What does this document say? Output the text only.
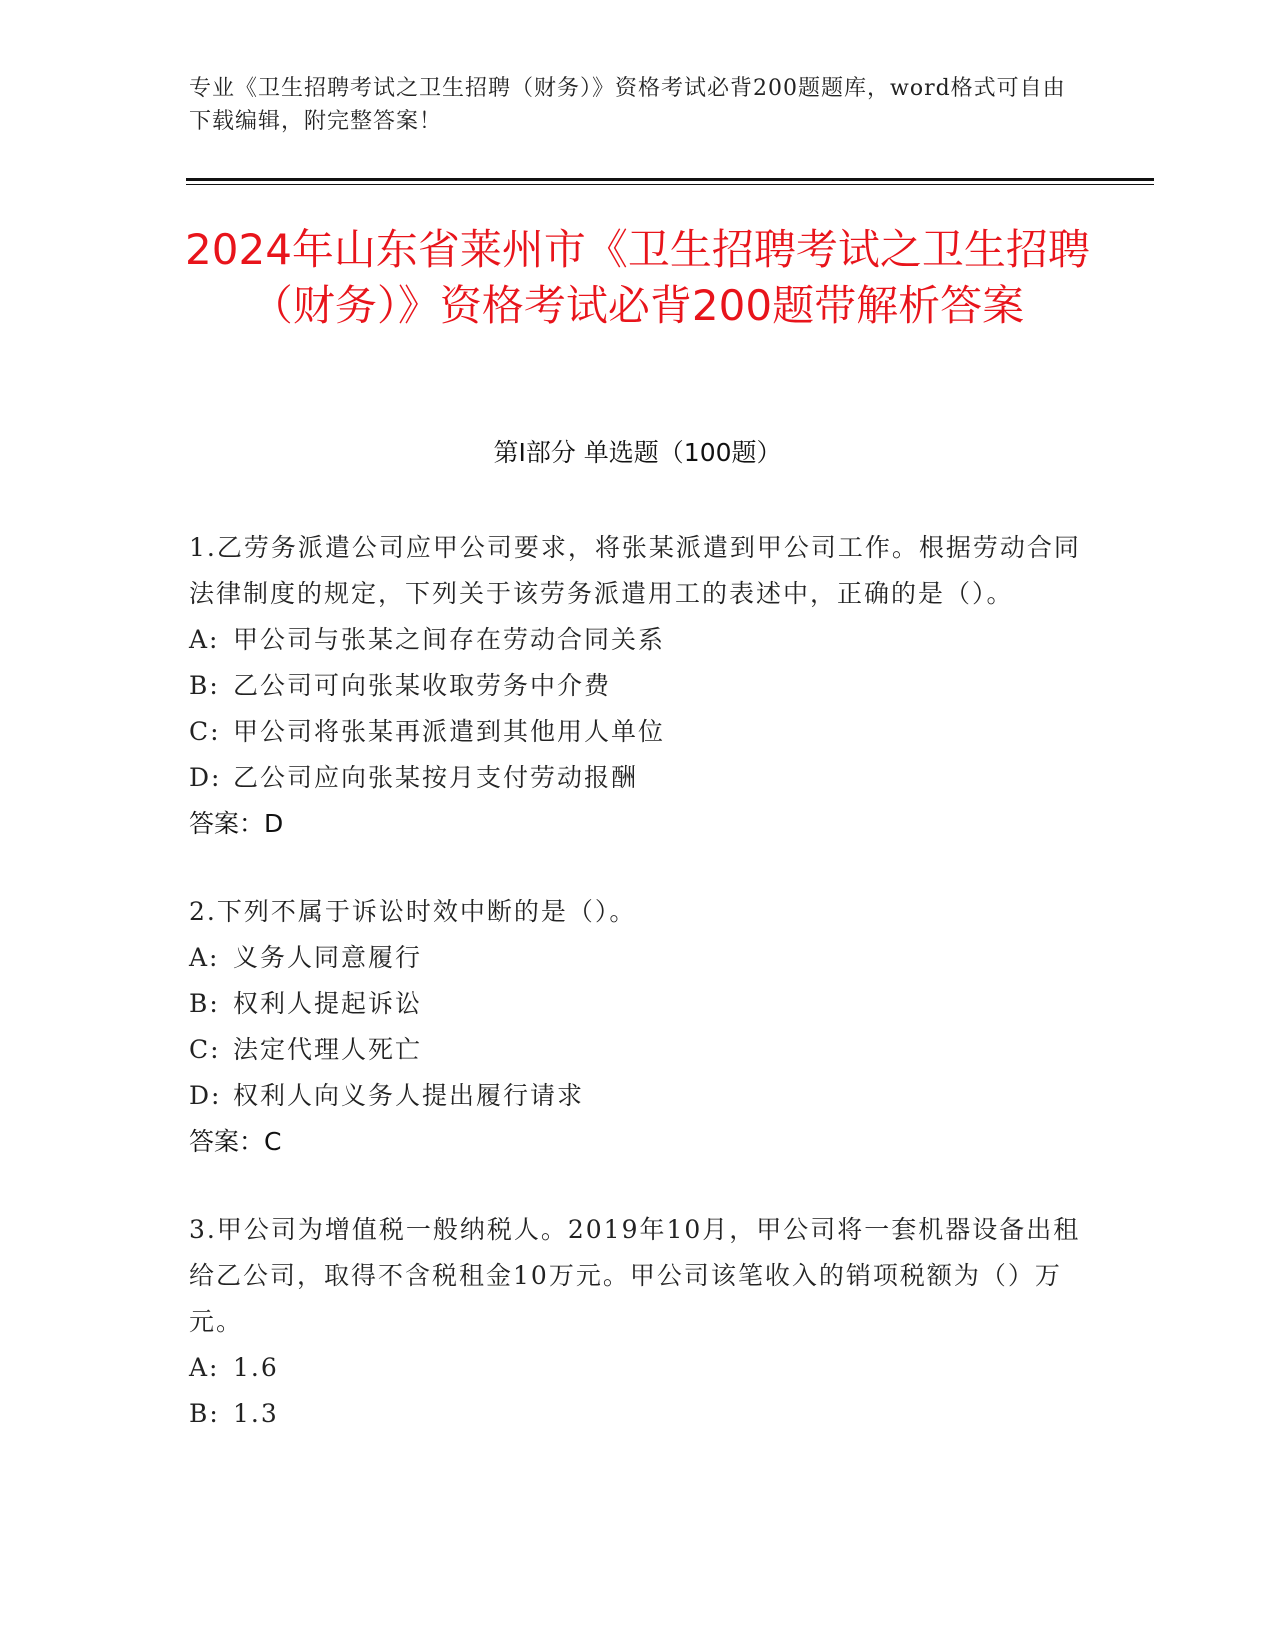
专业《卫生招聘考试之卫生招聘（财务）》资格考试必背200题题库，word格式可自由下载编辑，附完整答案！
2024年山东省莱州市《卫生招聘考试之卫生招聘（财务）》资格考试必背200题带解析答案
第I部分 单选题（100题）
1.乙劳务派遣公司应甲公司要求，将张某派遣到甲公司工作。根据劳动合同法律制度的规定，下列关于该劳务派遣用工的表述中，正确的是（）。
A: 甲公司与张某之间存在劳动合同关系
B: 乙公司可向张某收取劳务中介费
C: 甲公司将张某再派遣到其他用人单位
D: 乙公司应向张某按月支付劳动报酬
答案：D
2.下列不属于诉讼时效中断的是（）。
A: 义务人同意履行
B: 权利人提起诉讼
C: 法定代理人死亡
D: 权利人向义务人提出履行请求
答案：C
3.甲公司为增值税一般纳税人。2019年10月，甲公司将一套机器设备出租给乙公司，取得不含税租金10万元。甲公司该笔收入的销项税额为（）万元。
A: 1.6
B: 1.3
